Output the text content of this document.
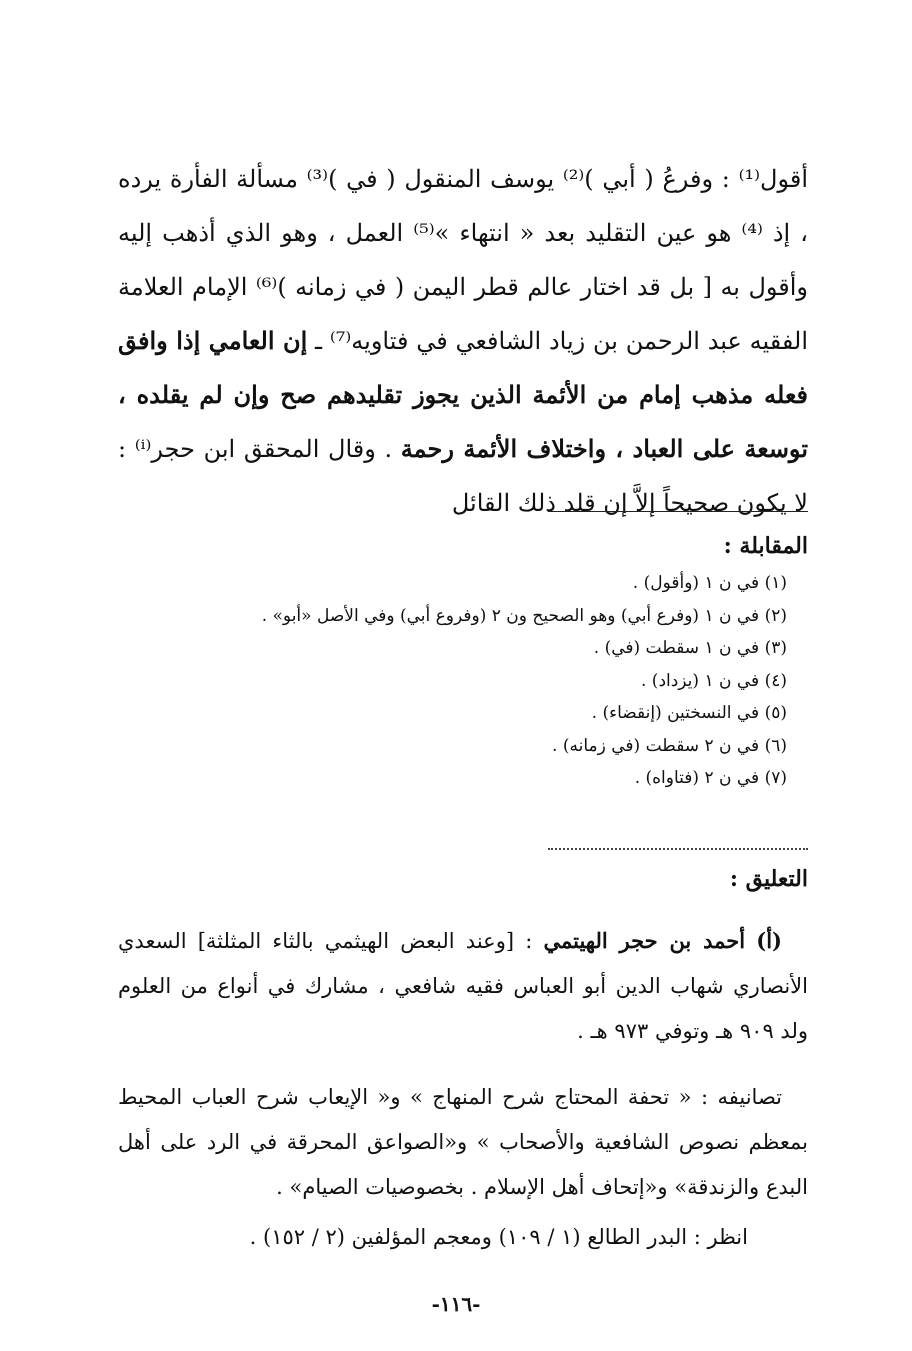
أقول⁽¹⁾ : وفرعُ ( أبي )⁽²⁾ يوسف المنقول ( في )⁽³⁾ مسألة الفأرة يرده ، إذ ⁽⁴⁾ هو عين التقليد بعد « انتهاء »⁽⁵⁾ العمل ، وهو الذي أذهب إليه وأقول به [ بل قد اختار عالم قطر اليمن ( في زمانه )⁽⁶⁾ الإمام العلامة الفقيه عبد الرحمن بن زياد الشافعي في فتاويه⁽⁷⁾ ـ إن العامي إذا وافق فعله مذهب إمام من الأئمة الذين يجوز تقليدهم صح وإن لم يقلده ، توسعة على العباد ، واختلاف الأئمة رحمة . وقال المحقق ابن حجر⁽ⁱ⁾ : لا يكون صحيحاً إلاَّ إن قلد ذلك القائل

المقابلة :
(١) في ن ١ (وأقول) .
(٢) في ن ١ (وفرع أبي) وهو الصحيح ون ٢ (وفروع أبي) وفي الأصل «أبو» .
(٣) في ن ١ سقطت (في) .
(٤) في ن ١ (يزداد) .
(٥) في النسختين (إنقضاء) .
(٦) في ن ٢ سقطت (في زمانه) .
(٧) في ن ٢ (فتاواه) .
التعليق :

(أ) أحمد بن حجر الهيتمي : [وعند البعض الهيثمي بالثاء المثلثة] السعدي الأنصاري شهاب الدين أبو العباس فقيه شافعي ، مشارك في أنواع من العلوم ولد ٩٠٩ هـ وتوفي ٩٧٣ هـ .

تصانيفه : « تحفة المحتاج شرح المنهاج » و« الإيعاب شرح العباب المحيط بمعظم نصوص الشافعية والأصحاب » و«الصواعق المحرقة في الرد على أهل البدع والزندقة» و«إتحاف أهل الإسلام . بخصوصيات الصيام» .

انظر : البدر الطالع (١ / ١٠٩) ومعجم المؤلفين (٢ / ١٥٢) .

-١١٦-
